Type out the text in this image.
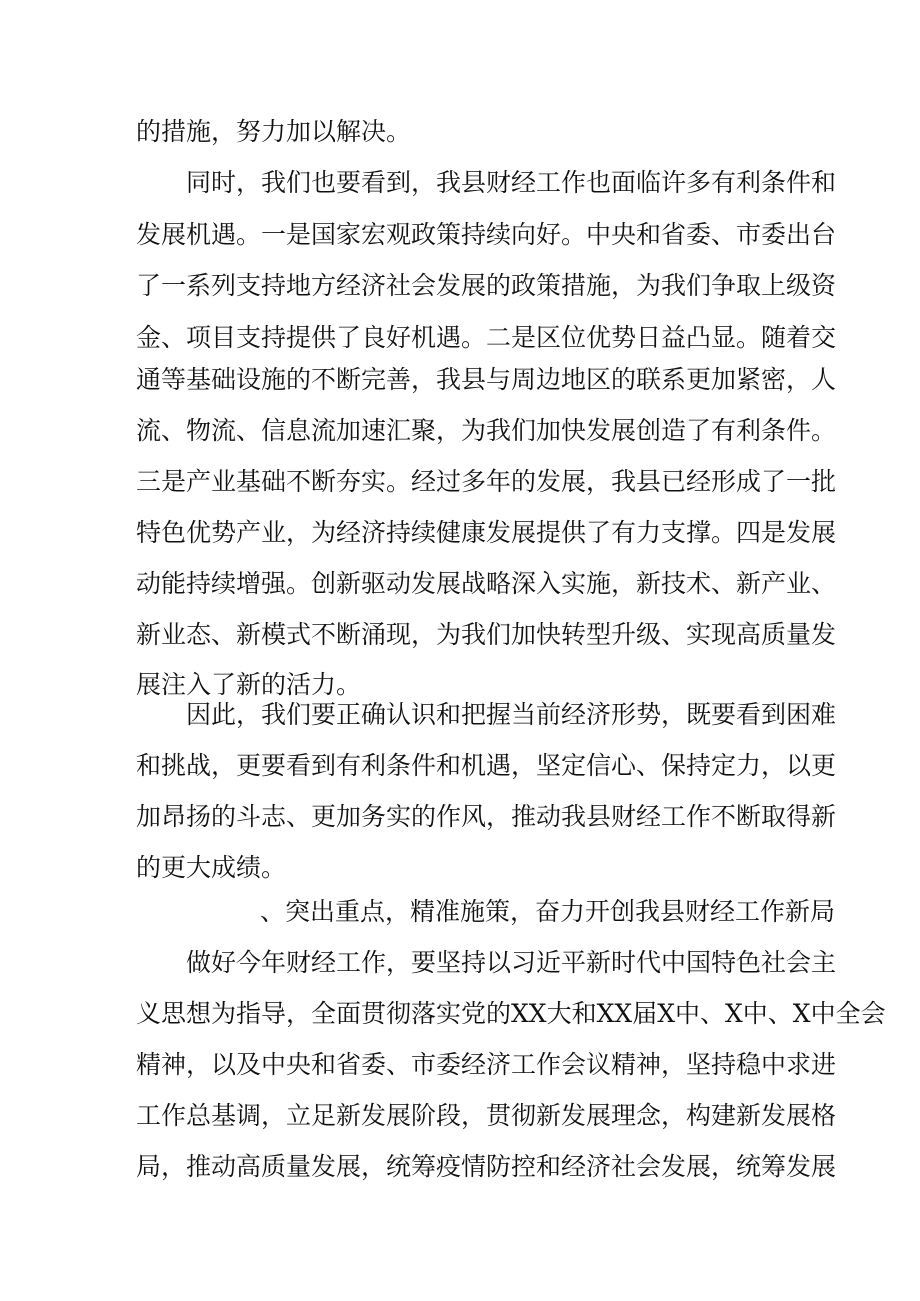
的措施，努力加以解决。

同时，我们也要看到，我县财经工作也面临许多有利条件和

发展机遇。一是国家宏观政策持续向好。中央和省委、市委出台

了一系列支持地方经济社会发展的政策措施，为我们争取上级资

金、项目支持提供了良好机遇。二是区位优势日益凸显。随着交

通等基础设施的不断完善，我县与周边地区的联系更加紧密，人

流、物流、信息流加速汇聚，为我们加快发展创造了有利条件。

三是产业基础不断夯实。经过多年的发展，我县已经形成了一批

特色优势产业，为经济持续健康发展提供了有力支撑。四是发展

动能持续增强。创新驱动发展战略深入实施，新技术、新产业、

新业态、新模式不断涌现，为我们加快转型升级、实现高质量发

展注入了新的活力。

因此，我们要正确认识和把握当前经济形势，既要看到困难

和挑战，更要看到有利条件和机遇，坚定信心、保持定力，以更

加昂扬的斗志、更加务实的作风，推动我县财经工作不断取得新

的更大成绩。

、突出重点，精准施策，奋力开创我县财经工作新局

做好今年财经工作，要坚持以习近平新时代中国特色社会主

义思想为指导，全面贯彻落实党的XX大和XX届X中、X中、X中全会

精神，以及中央和省委、市委经济工作会议精神，坚持稳中求进

工作总基调，立足新发展阶段，贯彻新发展理念，构建新发展格

局，推动高质量发展，统筹疫情防控和经济社会发展，统筹发展
